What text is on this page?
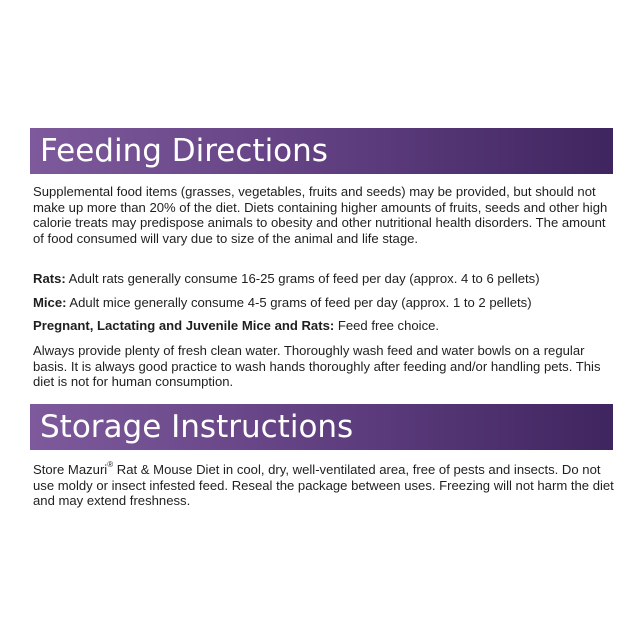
Feeding Directions

Supplemental food items (grasses, vegetables, fruits and seeds) may be provided, but should not make up more than 20% of the diet. Diets containing higher amounts of fruits, seeds and other high calorie treats may predispose animals to obesity and other nutritional health disorders. The amount of food consumed will vary due to size of the animal and life stage.

Rats: Adult rats generally consume 16-25 grams of feed per day (approx. 4 to 6 pellets)

Mice: Adult mice generally consume 4-5 grams of feed per day (approx. 1 to 2 pellets)

Pregnant, Lactating and Juvenile Mice and Rats: Feed free choice.

Always provide plenty of fresh clean water. Thoroughly wash feed and water bowls on a regular basis. It is always good practice to wash hands thoroughly after feeding and/or handling pets. This diet is not for human consumption.

Storage Instructions

Store Mazuri® Rat & Mouse Diet in cool, dry, well-ventilated area, free of pests and insects. Do not use moldy or insect infested feed. Reseal the package between uses. Freezing will not harm the diet and may extend freshness.
